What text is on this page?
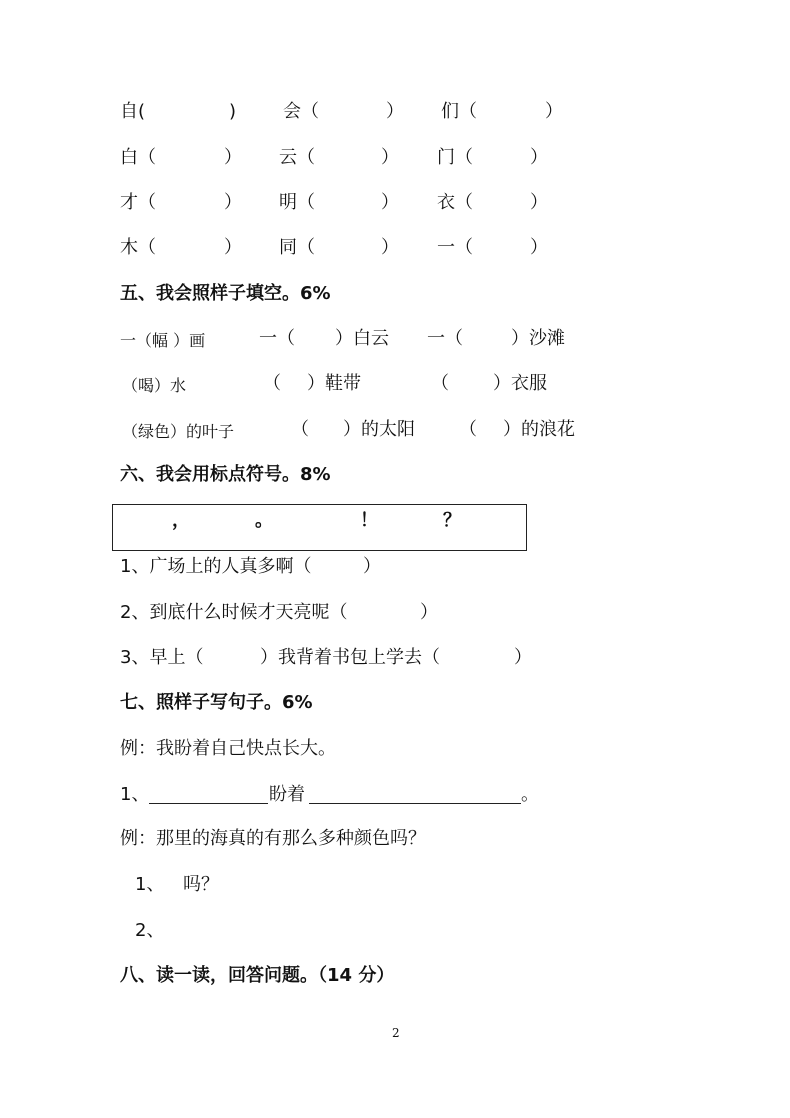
自(	)	会（	） 们（	）
白（	） 云（	） 门（	）
才（	） 明（	） 衣（	）
木（	） 同（	） 一（	）
五、我会照样子填空。6%
一（幅 ）画	一（ ）白云 一（	）沙滩
（喝）水	（ ）鞋带	（ ）衣服
（绿色）的叶子	（ ）的太阳 （ ）的浪花
六、我会用标点符号。8%
，	。	！	？
1、广场上的人真多啊（	）
2、到底什么时候才天亮呢（	）
3、早上（	）我背着书包上学去（	）
七、照样子写句子。6%
例：我盼着自己快点长大。
1、	盼着	。
例：那里的海真的有那么多种颜色吗？
1、 吗？
2、
八、读一读，回答问题。（14 分）
2
